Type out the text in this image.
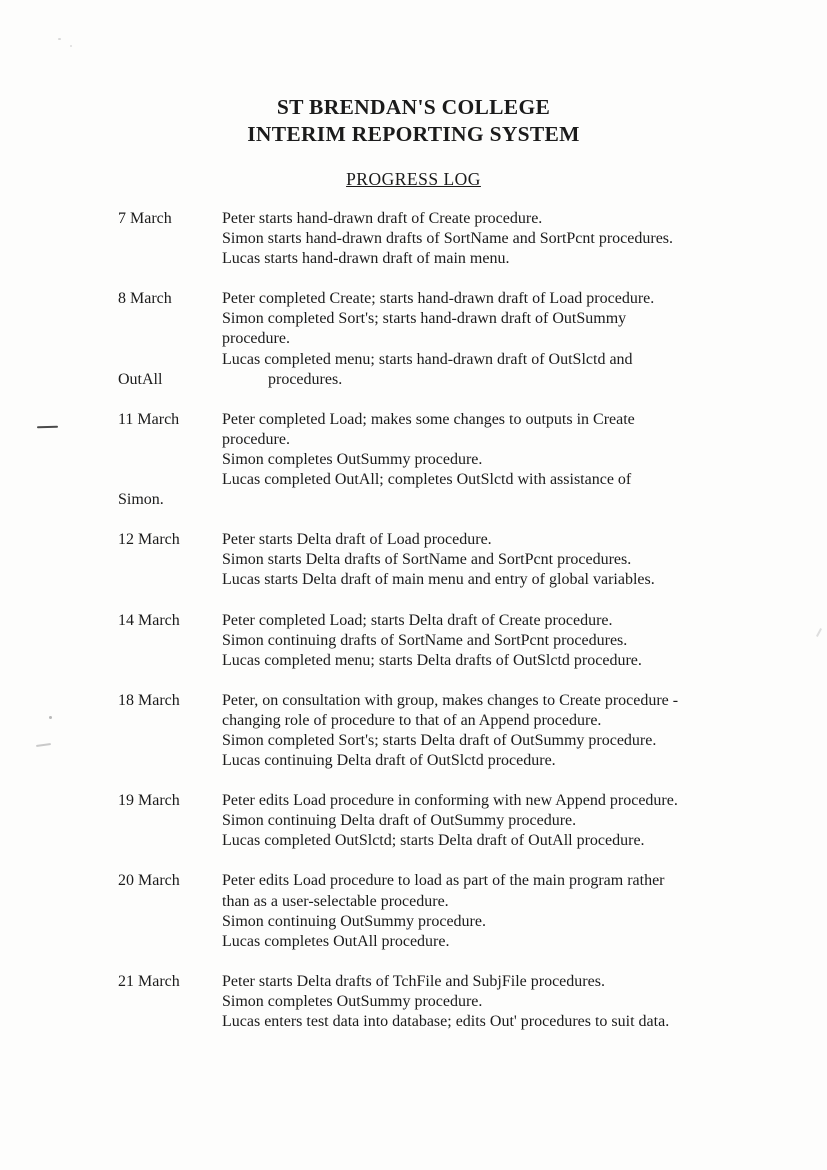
ST BRENDAN'S COLLEGE
INTERIM REPORTING SYSTEM
PROGRESS LOG
7 March	Peter starts hand-drawn draft of Create procedure.
Simon starts hand-drawn drafts of SortName and SortPcnt procedures.
Lucas starts hand-drawn draft of main menu.
8 March	Peter completed Create; starts hand-drawn draft of Load procedure.
Simon completed Sort's; starts hand-drawn draft of OutSummy
procedure.
Lucas completed menu; starts hand-drawn draft of OutSlctd and
OutAll	procedures.
11 March	Peter completed Load; makes some changes to outputs in Create
procedure.
Simon completes OutSummy procedure.
Lucas completed OutAll; completes OutSlctd with assistance of
Simon.
12 March	Peter starts Delta draft of Load procedure.
Simon starts Delta drafts of SortName and SortPcnt procedures.
Lucas starts Delta draft of main menu and entry of global variables.
14 March	Peter completed Load; starts Delta draft of Create procedure.
Simon continuing drafts of SortName and SortPcnt procedures.
Lucas completed menu; starts Delta drafts of OutSlctd procedure.
18 March	Peter, on consultation with group, makes changes to Create procedure -
changing role of procedure to that of an Append procedure.
Simon completed Sort's; starts Delta draft of OutSummy procedure.
Lucas continuing Delta draft of OutSlctd procedure.
19 March	Peter edits Load procedure in conforming with new Append procedure.
Simon continuing Delta draft of OutSummy procedure.
Lucas completed OutSlctd; starts Delta draft of OutAll procedure.
20 March	Peter edits Load procedure to load as part of the main program rather
than as a user-selectable procedure.
Simon continuing OutSummy procedure.
Lucas completes OutAll procedure.
21 March	Peter starts Delta drafts of TchFile and SubjFile procedures.
Simon completes OutSummy procedure.
Lucas enters test data into database; edits Out' procedures to suit data.
